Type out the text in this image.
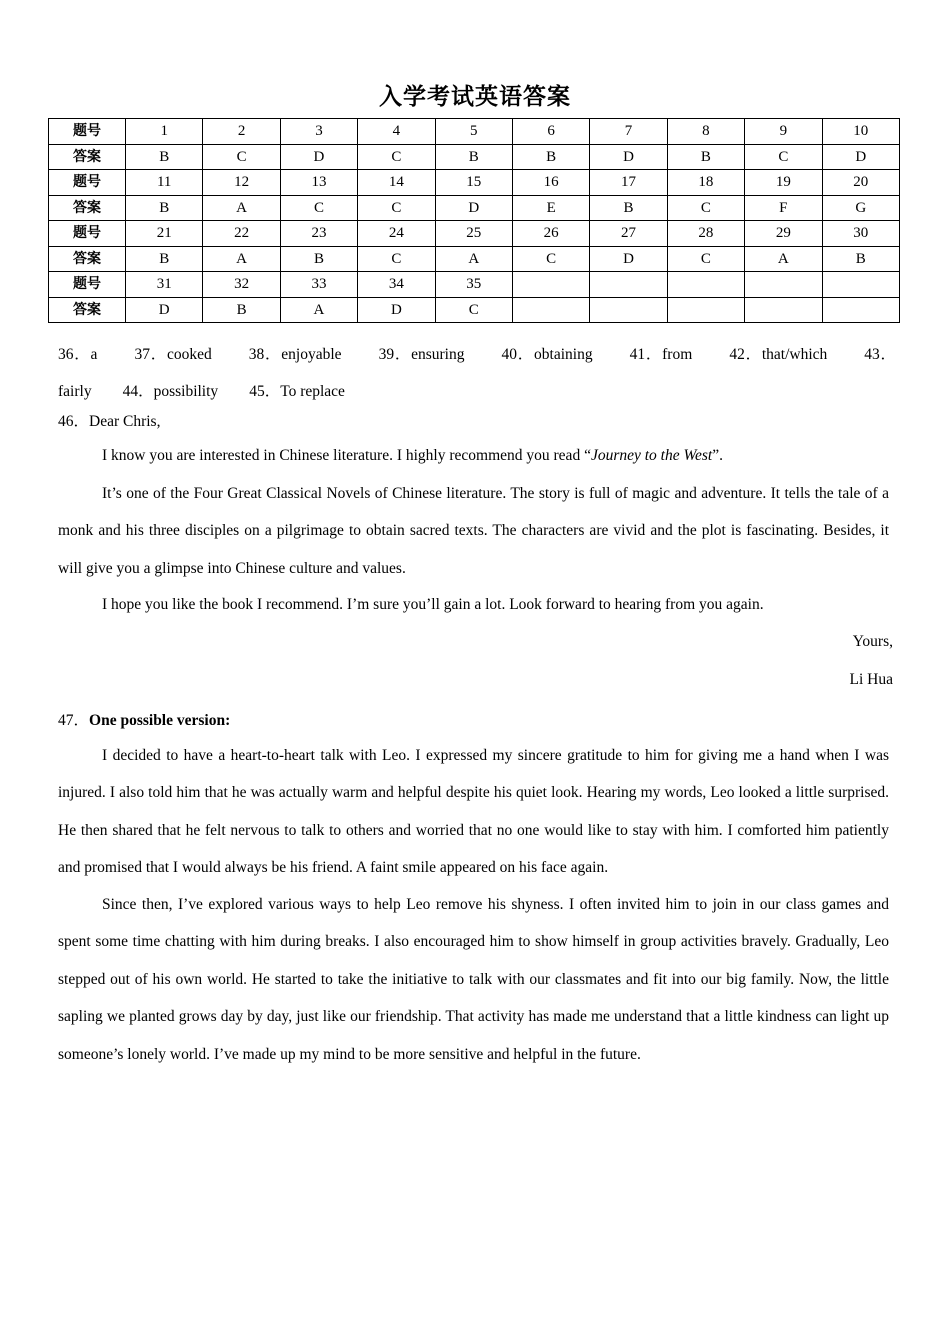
入学考试英语答案
题号	1	2	3	4	5	6	7	8	9	10
答案	B	C	D	C	B	B	D	B	C	D
题号	11	12	13	14	15	16	17	18	19	20
答案	B	A	C	C	D	E	B	C	F	G
题号	21	22	23	24	25	26	27	28	29	30
答案	B	A	B	C	A	C	D	C	A	B
题号	31	32	33	34	35					
答案	D	B	A	D	C					
36．a 37．cooked 38．enjoyable 39．ensuring 40．obtaining 41．from 42．that/which 43．fairly 44．possibility 45．To replace
46．Dear Chris,
I know you are interested in Chinese literature. I highly recommend you read “Journey to the West”.
It’s one of the Four Great Classical Novels of Chinese literature. The story is full of magic and adventure. It tells the tale of a monk and his three disciples on a pilgrimage to obtain sacred texts. The characters are vivid and the plot is fascinating. Besides, it will give you a glimpse into Chinese culture and values.
I hope you like the book I recommend. I’m sure you’ll gain a lot. Look forward to hearing from you again.
Yours,
Li Hua
47．One possible version:
I decided to have a heart-to-heart talk with Leo. I expressed my sincere gratitude to him for giving me a hand when I was injured. I also told him that he was actually warm and helpful despite his quiet look. Hearing my words, Leo looked a little surprised. He then shared that he felt nervous to talk to others and worried that no one would like to stay with him. I comforted him patiently and promised that I would always be his friend. A faint smile appeared on his face again.
Since then, I’ve explored various ways to help Leo remove his shyness. I often invited him to join in our class games and spent some time chatting with him during breaks. I also encouraged him to show himself in group activities bravely. Gradually, Leo stepped out of his own world. He started to take the initiative to talk with our classmates and fit into our big family. Now, the little sapling we planted grows day by day, just like our friendship. That activity has made me understand that a little kindness can light up someone’s lonely world. I’ve made up my mind to be more sensitive and helpful in the future.
